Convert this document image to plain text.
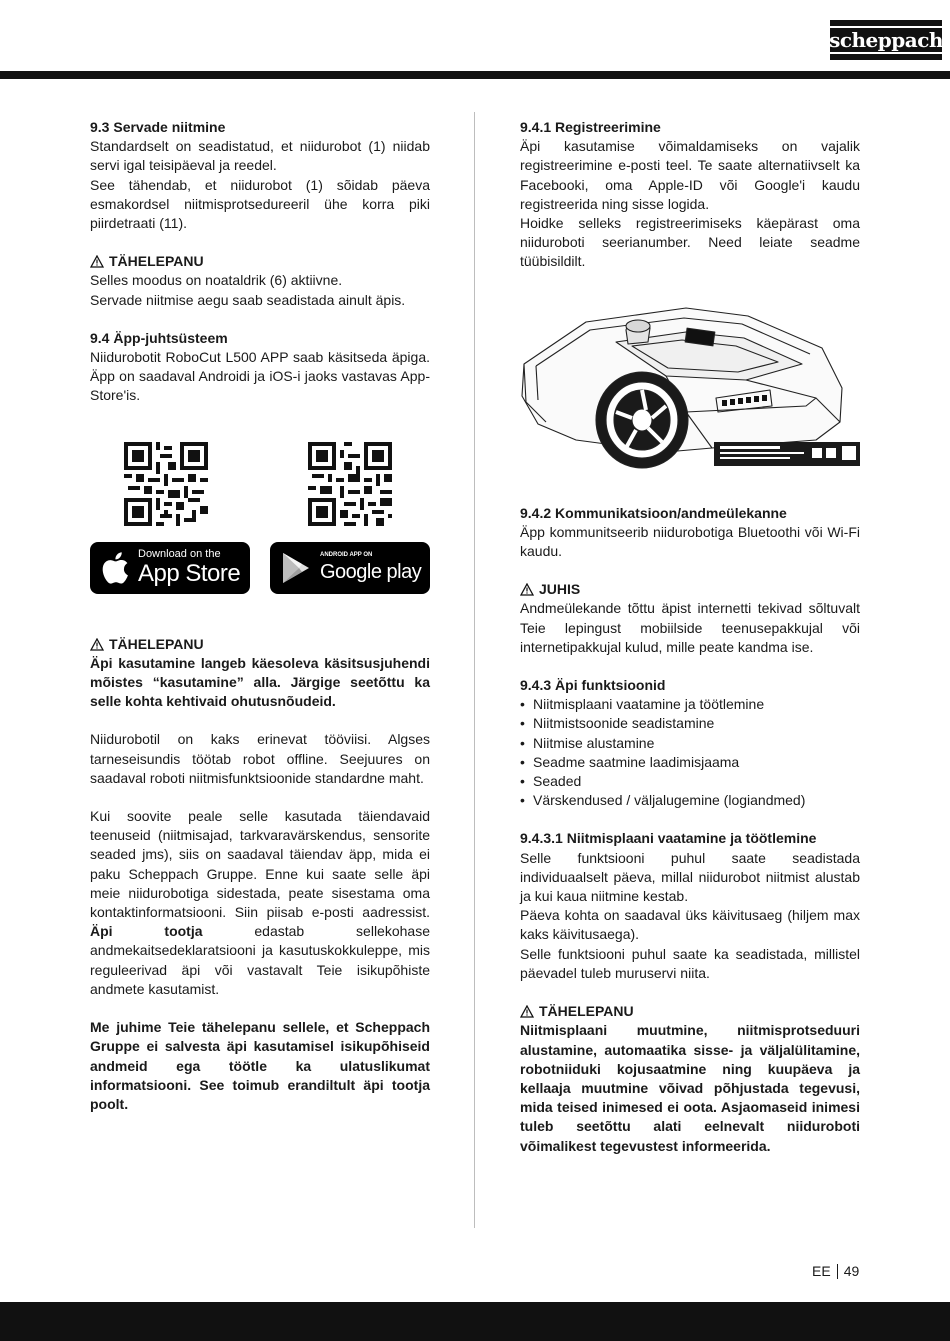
scheppach

9.3 Servade niitmine

Standardselt on seadistatud, et niidurobot (1) niidab servi igal teisipäeval ja reedel.

See tähendab, et niidurobot (1) sõidab päeva esmakordsel niitmisprotsedureeril ühe korra piki piirdetraati (11).

TÄHELEPANU

Selles moodus on noataldrik (6) aktiivne.

Servade niitmise aegu saab seadistada ainult äpis.

9.4 Äpp-juhtsüsteem

Niidurobotit RoboCut L500 APP saab käsitseda äpiga. Äpp on saadaval Androidi ja iOS-i jaoks vastavas App-Store'is.

Download on the
App Store
ANDROID APP ON
Google play

TÄHELEPANU

Äpi kasutamine langeb käesoleva käsitsusjuhendi mõistes “kasutamine” alla. Järgige seetõttu ka selle kohta kehtivaid ohutusnõudeid.

Niidurobotil on kaks erinevat tööviisi. Algses tarneseisundis töötab robot offline. Seejuures on saadaval roboti niitmisfunktsioonide standardne maht.

Kui soovite peale selle kasutada täiendavaid teenuseid (niitmisajad, tarkvaravärskendus, sensorite seaded jms), siis on saadaval täiendav äpp, mida ei paku Scheppach Gruppe. Enne kui saate selle äpi meie niidurobotiga sidestada, peate sisestama oma kontaktinformatsiooni. Siin piisab e-posti aadressist. Äpi tootja	edastab sellekohase andmekaitsedeklaratsiooni ja kasutuskokkuleppe, mis reguleerivad äpi või vastavalt Teie isikupõhiste andmete kasutamist.

Me juhime Teie tähelepanu sellele, et Scheppach Gruppe ei salvesta äpi kasutamisel isikupõhiseid andmeid ega töötle ka ulatuslikumat informatsiooni. See toimub erandiltult äpi tootja poolt.

9.4.1 Registreerimine

Äpi kasutamise võimaldamiseks on vajalik registreerimine e-posti teel. Te saate alternatiivselt ka Facebooki, oma Apple-ID või Google'i kaudu registreerida ning sisse logida.

Hoidke selleks registreerimiseks käepärast oma niiduroboti seerianumber. Need leiate seadme tüübisildilt.

9.4.2 Kommunikatsioon/andmeülekanne

Äpp kommunitseerib niidurobotiga Bluetoothi või Wi-Fi kaudu.

JUHIS

Andmeülekande tõttu äpist internetti tekivad sõltuvalt Teie lepingust mobiilside teenusepakkujal või internetipakkujal kulud, mille peate kandma ise.

9.4.3 Äpi funktsioonid

• Niitmisplaani vaatamine ja töötlemine
• Niitmistsoonide seadistamine
• Niitmise alustamine
• Seadme saatmine laadimisjaama
• Seaded
• Värskendused / väljalugemine (logiandmed)

9.4.3.1 Niitmisplaani vaatamine ja töötlemine

Selle funktsiooni puhul saate seadistada individuaalselt päeva, millal niidurobot niitmist alustab ja kui kaua niitmine kestab.

Päeva kohta on saadaval üks käivitusaeg (hiljem max kaks käivitusaega).

Selle funktsiooni puhul saate ka seadistada, millistel päevadel tuleb muruservi niita.

TÄHELEPANU

Niitmisplaani muutmine, niitmisprotseduuri alustamine, automaatika sisse- ja väljalülitamine, robotniiduki kojusaatmine ning kuupäeva ja kellaaja muutmine võivad põhjustada tegevusi, mida teised inimesed ei oota. Asjaomaseid inimesi tuleb seetõttu alati eelnevalt niiduroboti võimalikest tegevustest informeerida.

EE 49
